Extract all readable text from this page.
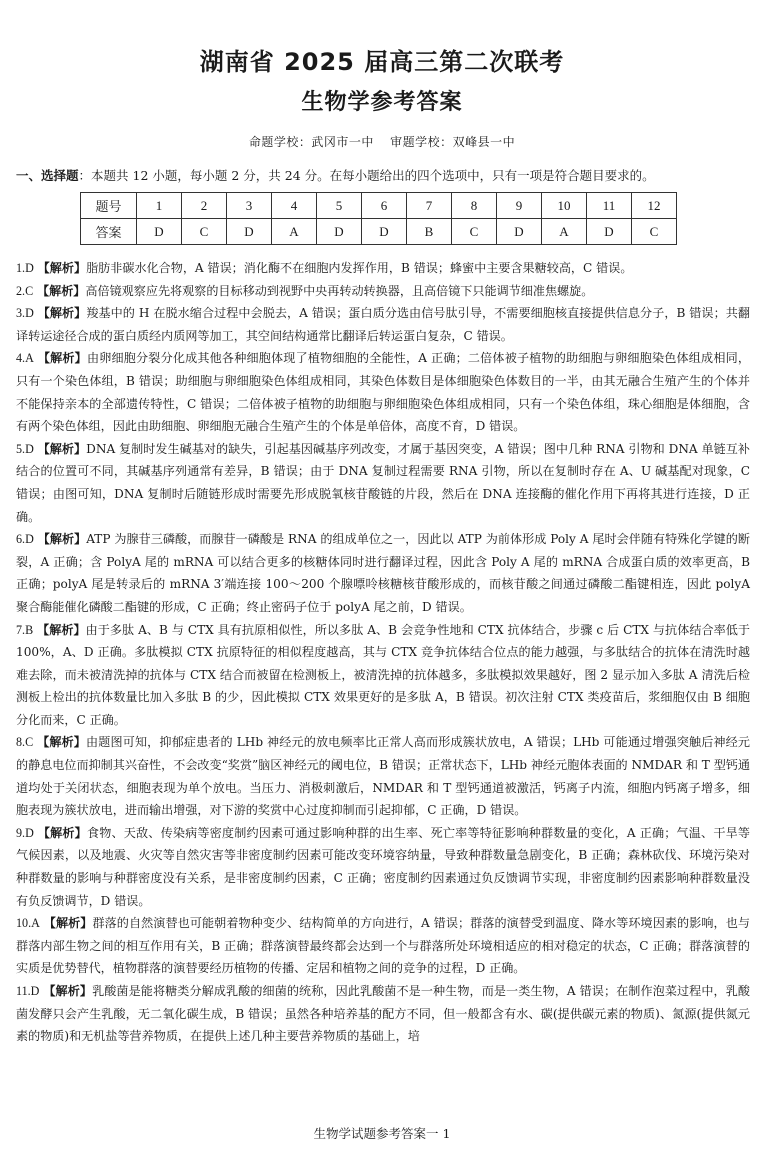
湖南省 2025 届高三第二次联考
生物学参考答案
命题学校：武冈市一中 审题学校：双峰县一中
一、选择题：本题共 12 小题，每小题 2 分，共 24 分。在每小题给出的四个选项中，只有一项是符合题目要求的。
题号	1	2	3	4	5	6	7	8	9	10	11	12
答案	D	C	D	A	D	D	B	C	D	A	D	C

1.D 【解析】脂肪非碳水化合物，A 错误；消化酶不在细胞内发挥作用，B 错误；蜂蜜中主要含果糖较高，C 错误。

2.C 【解析】高倍镜观察应先将观察的目标移动到视野中央再转动转换器，且高倍镜下只能调节细准焦螺旋。

3.D 【解析】羧基中的 H 在脱水缩合过程中会脱去，A 错误；蛋白质分选由信号肽引导，不需要细胞核直接提供信息分子，B 错误；共翻译转运途径合成的蛋白质经内质网等加工，其空间结构通常比翻译后转运蛋白复杂，C 错误。

4.A 【解析】由卵细胞分裂分化成其他各种细胞体现了植物细胞的全能性，A 正确；二倍体被子植物的助细胞与卵细胞染色体组成相同，只有一个染色体组，B 错误；助细胞与卵细胞染色体组成相同，其染色体数目是体细胞染色体数目的一半，由其无融合生殖产生的个体并不能保持亲本的全部遗传特性，C 错误；二倍体被子植物的助细胞与卵细胞染色体组成相同，只有一个染色体组，珠心细胞是体细胞，含有两个染色体组，因此由助细胞、卵细胞无融合生殖产生的个体是单倍体，高度不育，D 错误。

5.D 【解析】DNA 复制时发生碱基对的缺失，引起基因碱基序列改变，才属于基因突变，A 错误；图中几种 RNA 引物和 DNA 单链互补结合的位置可不同，其碱基序列通常有差异，B 错误；由于 DNA 复制过程需要 RNA 引物，所以在复制时存在 A、U 碱基配对现象，C 错误；由图可知，DNA 复制时后随链形成时需要先形成脱氧核苷酸链的片段，然后在 DNA 连接酶的催化作用下再将其进行连接，D 正确。

6.D 【解析】ATP 为腺苷三磷酸，而腺苷一磷酸是 RNA 的组成单位之一，因此以 ATP 为前体形成 Poly A 尾时会伴随有特殊化学键的断裂，A 正确；含 PolyA 尾的 mRNA 可以结合更多的核糖体同时进行翻译过程，因此含 Poly A 尾的 mRNA 合成蛋白质的效率更高，B 正确；polyA 尾是转录后的 mRNA 3′端连接 100～200 个腺嘌呤核糖核苷酸形成的，而核苷酸之间通过磷酸二酯键相连，因此 polyA 聚合酶能催化磷酸二酯键的形成，C 正确；终止密码子位于 polyA 尾之前，D 错误。

7.B 【解析】由于多肽 A、B 与 CTX 具有抗原相似性，所以多肽 A、B 会竞争性地和 CTX 抗体结合，步骤 c 后 CTX 与抗体结合率低于 100%，A、D 正确。多肽模拟 CTX 抗原特征的相似程度越高，其与 CTX 竞争抗体结合位点的能力越强，与多肽结合的抗体在清洗时越难去除，而未被清洗掉的抗体与 CTX 结合而被留在检测板上，被清洗掉的抗体越多，多肽模拟效果越好，图 2 显示加入多肽 A 清洗后检测板上检出的抗体数量比加入多肽 B 的少，因此模拟 CTX 效果更好的是多肽 A，B 错误。初次注射 CTX 类疫苗后，浆细胞仅由 B 细胞分化而来，C 正确。

8.C 【解析】由题图可知，抑郁症患者的 LHb 神经元的放电频率比正常人高而形成簇状放电，A 错误；LHb 可能通过增强突触后神经元的静息电位而抑制其兴奋性，不会改变“奖赏”脑区神经元的阈电位，B 错误；正常状态下，LHb 神经元胞体表面的 NMDAR 和 T 型钙通道均处于关闭状态，细胞表现为单个放电。当压力、消极刺激后，NMDAR 和 T 型钙通道被激活，钙离子内流，细胞内钙离子增多，细胞表现为簇状放电，进而输出增强，对下游的奖赏中心过度抑制而引起抑郁，C 正确，D 错误。

9.D 【解析】食物、天敌、传染病等密度制约因素可通过影响种群的出生率、死亡率等特征影响种群数量的变化，A 正确；气温、干旱等气候因素，以及地震、火灾等自然灾害等非密度制约因素可能改变环境容纳量，导致种群数量急剧变化，B 正确；森林砍伐、环境污染对种群数量的影响与种群密度没有关系，是非密度制约因素，C 正确；密度制约因素通过负反馈调节实现，非密度制约因素影响种群数量没有负反馈调节，D 错误。

10.A 【解析】群落的自然演替也可能朝着物种变少、结构简单的方向进行，A 错误；群落的演替受到温度、降水等环境因素的影响，也与群落内部生物之间的相互作用有关，B 正确；群落演替最终都会达到一个与群落所处环境相适应的相对稳定的状态，C 正确；群落演替的实质是优势替代，植物群落的演替要经历植物的传播、定居和植物之间的竞争的过程，D 正确。

11.D 【解析】乳酸菌是能将糖类分解成乳酸的细菌的统称，因此乳酸菌不是一种生物，而是一类生物，A 错误；在制作泡菜过程中，乳酸菌发酵只会产生乳酸，无二氧化碳生成，B 错误；虽然各种培养基的配方不同，但一般都含有水、碳(提供碳元素的物质)、氮源(提供氮元素的物质)和无机盐等营养物质，在提供上述几种主要营养物质的基础上，培

生物学试题参考答案一 1
